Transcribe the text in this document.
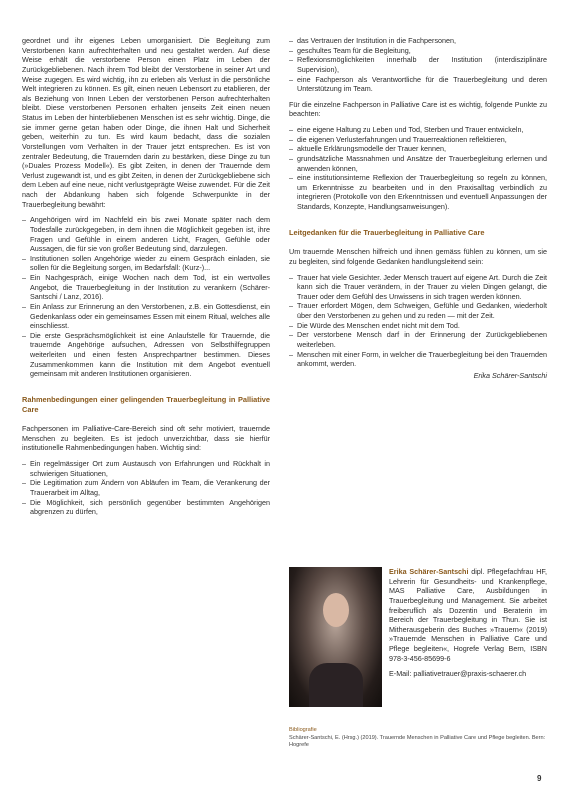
geordnet und ihr eigenes Leben umorganisiert. Die Begleitung zum Verstorbenen kann aufrechterhalten und neu gestaltet werden. Auf diese Weise erhält die verstorbene Person einen Platz im Leben der Zurückgebliebenen. Nach ihrem Tod bleibt der Verstorbene in seiner Art und Weise zugegen. Es wird wichtig, ihn zu erleben als Verlust in die persönliche Welt integrieren zu können. Es gilt, einen neuen Lebensort zu etablieren, der als Beziehung von Innen Leben der verstorbenen Person aufrechterhalten bleibt. Diese verstorbenen Personen erhalten jenseits Zeit einen neuen Status im Leben der hinterbliebenen Menschen ist es sehr wichtig. Dinge, die sie immer gerne getan haben oder Dinge, die ihnen Halt und Sicherheit geben, weiterhin zu tun. Es wird kaum bedacht, dass die sozialen Vorstellungen vom Verhalten in der Trauer jetzt entsprechen. Es ist von zentraler Bedeutung, die Trauernden darin zu bestärken, diese Dinge zu tun (»Duales Prozess Modell«). Es gibt Zeiten, in denen der Trauernde dem Verlust zugewandt ist, und es gibt Zeiten, in denen der Zurückgebliebene sich dem Leben auf eine neue, nicht verlustgeprägte Weise zuwendet. Für die Zeit nach der Abdankung haben sich folgende Schwerpunkte in der Trauerbegleitung bewährt:

– Angehörigen wird im Nachfeld ein bis zwei Monate später nach dem Todesfalle zurückgegeben, in dem ihnen die Möglichkeit gegeben ist, ihre Fragen und Gefühle in einem anderen Licht, Fragen, Gefühle oder Aussagen, die für sie von großer Bedeutung sind, darzulegen.
– Institutionen sollen Angehörige wieder zu einem Gespräch einladen, sie sollen für die Begleitung sorgen, im Bedarfsfall: (Kurz-)...
– Ein Nachgespräch, einige Wochen nach dem Tod, ist ein wertvolles Angebot, die Trauerbegleitung in der Institution zu verankern (Schärer-Santschi / Lanz, 2016).
– Ein Anlass zur Erinnerung an den Verstorbenen, z.B. ein Gottesdienst, ein Gedenkanlass oder ein gemeinsames Essen mit einem Ritual, welches alle einschliesst.
– Die erste Gesprächsmöglichkeit ist eine Anlaufstelle für Trauernde, die trauernde Angehörige aufsuchen, Adressen von Selbsthilfegruppen weiterleiten und einen festen Ansprechpartner bestimmen. Dieses Zusammenkommen kann die Institution mit dem Angebot eventuell gemeinsam mit anderen Institutionen organisieren.

Rahmenbedingungen einer gelingenden Trauerbegleitung in Palliative Care

Fachpersonen im Palliative-Care-Bereich sind oft sehr motiviert, trauernde Menschen zu begleiten. Es ist jedoch unverzichtbar, dass sie hierfür institutionelle Rahmenbedingungen haben. Wichtig sind:

– Ein regelmässiger Ort zum Austausch von Erfahrungen und Rückhalt in schwierigen Situationen,
– Die Legitimation zum Ändern von Abläufen im Team, die Verankerung der Trauerarbeit im Alltag,
– Die Möglichkeit, sich persönlich gegenüber bestimmten Angehörigen abgrenzen zu dürfen,
– das Vertrauen der Institution in die Fachpersonen,
– geschultes Team für die Begleitung,
– Reflexionsmöglichkeiten innerhalb der Institution (interdisziplinäre Supervision),
– eine Fachperson als Verantwortliche für die Trauerbegleitung und deren Unterstützung im Team.

Für die einzelne Fachperson in Palliative Care ist es wichtig, folgende Punkte zu beachten:

– eine eigene Haltung zu Leben und Tod, Sterben und Trauer entwickeln,
– die eigenen Verlusterfahrungen und Trauerreaktionen reflektieren,
– aktuelle Erklärungsmodelle der Trauer kennen,
– grundsätzliche Massnahmen und Ansätze der Trauerbegleitung erlernen und anwenden können,
– eine institutionsinterne Reflexion der Trauerbegleitung so regeln zu können, um Erkenntnisse zu bearbeiten und in den Praxisalltag verbindlich zu integrieren (Protokolle von den Erkenntnissen und eventuell Anpassungen der Standards, Konzepte, Handlungsanweisungen).

Leitgedanken für die Trauerbegleitung in Palliative Care

Um trauernde Menschen hilfreich und ihnen gemäss fühlen zu können, um sie zu begleiten, sind folgende Gedanken handlungsleitend sein:

– Trauer hat viele Gesichter. Jeder Mensch trauert auf eigene Art. Durch die Zeit kann sich die Trauer verändern, in der Trauer zu vielen Dingen gelangt, die Trauer oder dem Gefühl des Unwissens in sich tragen werden können.
– Trauer erfordert Mögen, dem Schweigen, Gefühle und Gedanken, wiederholt über den Verstorbenen zu gehen und zu reden — mit der Zeit.
– Die Würde des Menschen endet nicht mit dem Tod.
– Der verstorbene Mensch darf in der Erinnerung der Zurückgebliebenen weiterleben.
– Menschen mit einer Form, in welcher die Trauerbegleitung bei den Trauernden ankommt, werden.

Erika Schärer-Santschi

Erika Schärer-Santschi dipl. Pflegefachfrau HF, Lehrerin für Gesundheits- und Krankenpflege, MAS Palliative Care, Ausbildungen in Trauerbegleitung und Management. Sie arbeitet freiberuflich als Dozentin und Beraterin im Bereich der Trauerbegleitung in Thun. Sie ist Mitherausgeberin des Buches »Trauern« (2019) »Trauernde Menschen in Palliative Care und Pflege begleiten«, Hogrefe Verlag Bern, ISBN 978-3-456-85699-6

E-Mail: palliativetrauer@praxis-schaerer.ch

Bibliografie
Schärer-Santschi, E. (Hrsg.) (2019). Trauernde Menschen in Palliative Care und Pflege begleiten. Bern: Hogrefe
9
